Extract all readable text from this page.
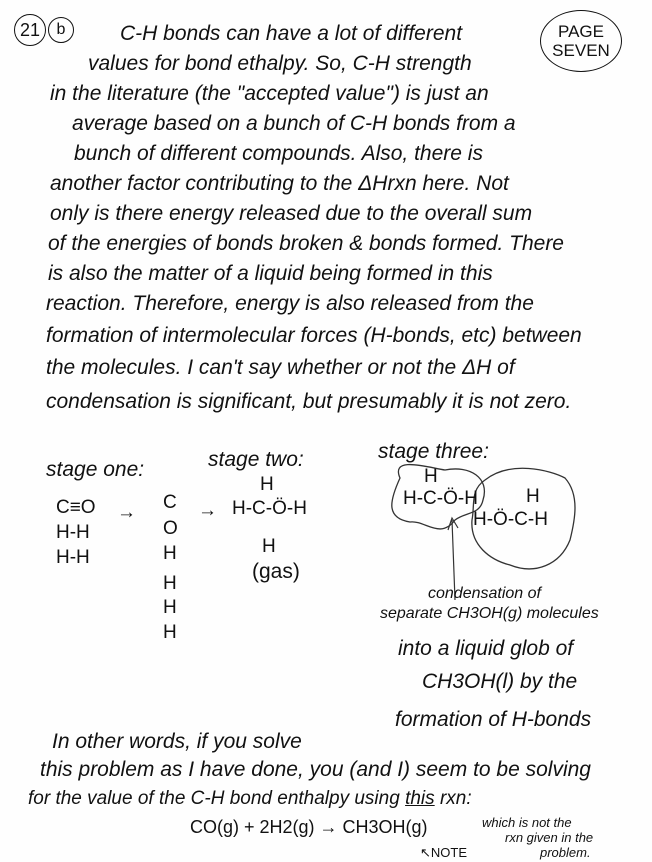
21 b	PAGE
SEVEN
C-H bonds can have a lot of different
values for bond ethalpy. So, C-H strength
in the literature (the "accepted value") is just an
average based on a bunch of C-H bonds from a
bunch of different compounds. Also, there is
another factor contributing to the ΔHrxn here. Not
only is there energy released due to the overall sum
of the energies of bonds broken & bonds formed. There
is also the matter of a liquid being formed in this
reaction. Therefore, energy is also released from the
formation of intermolecular forces (H-bonds, etc) between
the molecules. I can't say whether or not the ΔH of
condensation is significant, but presumably it is not zero.
stage one:
C≡O
H-H
H-H
→ C
O
H
H
H
H
stage two:
→
H
H-C-Ö-H
H
(gas)
stage three:
H-C-Ö-H
H-Ö-C-H
H
H
condensation of
separate CH3OH(g) molecules
into a liquid glob of
CH3OH(l) by the
formation of H-bonds
In other words, if you solve
this problem as I have done, you (and I) seem to be solving
for the value of the C-H bond enthalpy using this rxn:
CO(g) + 2H2(g) → CH3OH(g)
↖NOTE
which is not the
rxn given in the
problem.
